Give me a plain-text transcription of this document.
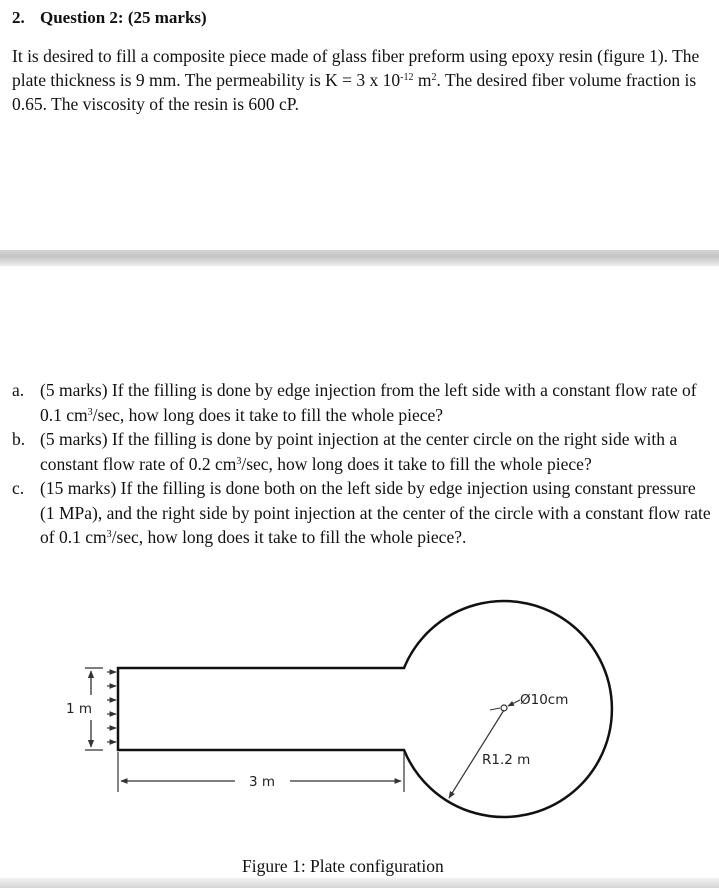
2. Question 2: (25 marks)
It is desired to fill a composite piece made of glass fiber preform using epoxy resin (figure 1). The plate thickness is 9 mm. The permeability is K = 3 x $10^{-12}$ $m^2$. The desired fiber volume fraction is 0.65. The viscosity of the resin is 600 cP.
a. (5 marks) If the filling is done by edge injection from the left side with a constant flow rate of 0.1 $cm^3/\sec$, how long does it take to fill the whole piece?
b. (5 marks) If the filling is done by point injection at the center circle on the right side with a constant flow rate of 0.2 $cm^3/\sec$, how long does it take to fill the whole piece?
c. (15 marks) If the filling is done both on the left side by edge injection using constant pressure (1 MPa), and the right side by point injection at the center of the circle with a constant flow rate of 0.1 $cm^3/\sec$, how long does it take to fill the whole piece?.
1 m
3 m
Ø10cm
R1.2 m
Figure 1: Plate configuration
